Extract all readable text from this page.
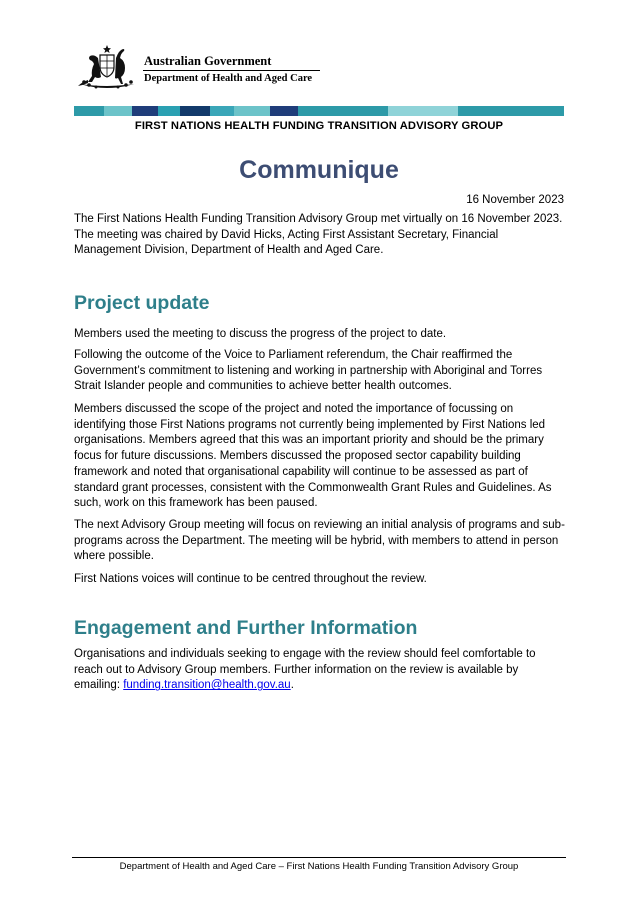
Australian Government
Department of Health and Aged Care
FIRST NATIONS HEALTH FUNDING TRANSITION ADVISORY GROUP
Communique
16 November 2023

The First Nations Health Funding Transition Advisory Group met virtually on 16 November 2023. The meeting was chaired by David Hicks, Acting First Assistant Secretary, Financial Management Division, Department of Health and Aged Care.

Project update

Members used the meeting to discuss the progress of the project to date.

Following the outcome of the Voice to Parliament referendum, the Chair reaffirmed the Government’s commitment to listening and working in partnership with Aboriginal and Torres Strait Islander people and communities to achieve better health outcomes.

Members discussed the scope of the project and noted the importance of focussing on identifying those First Nations programs not currently being implemented by First Nations led organisations. Members agreed that this was an important priority and should be the primary focus for future discussions. Members discussed the proposed sector capability building framework and noted that organisational capability will continue to be assessed as part of standard grant processes, consistent with the Commonwealth Grant Rules and Guidelines. As such, work on this framework has been paused.

The next Advisory Group meeting will focus on reviewing an initial analysis of programs and sub-programs across the Department. The meeting will be hybrid, with members to attend in person where possible.

First Nations voices will continue to be centred throughout the review.

Engagement and Further Information

Organisations and individuals seeking to engage with the review should feel comfortable to reach out to Advisory Group members. Further information on the review is available by emailing: funding.transition@health.gov.au.

Department of Health and Aged Care – First Nations Health Funding Transition Advisory Group
